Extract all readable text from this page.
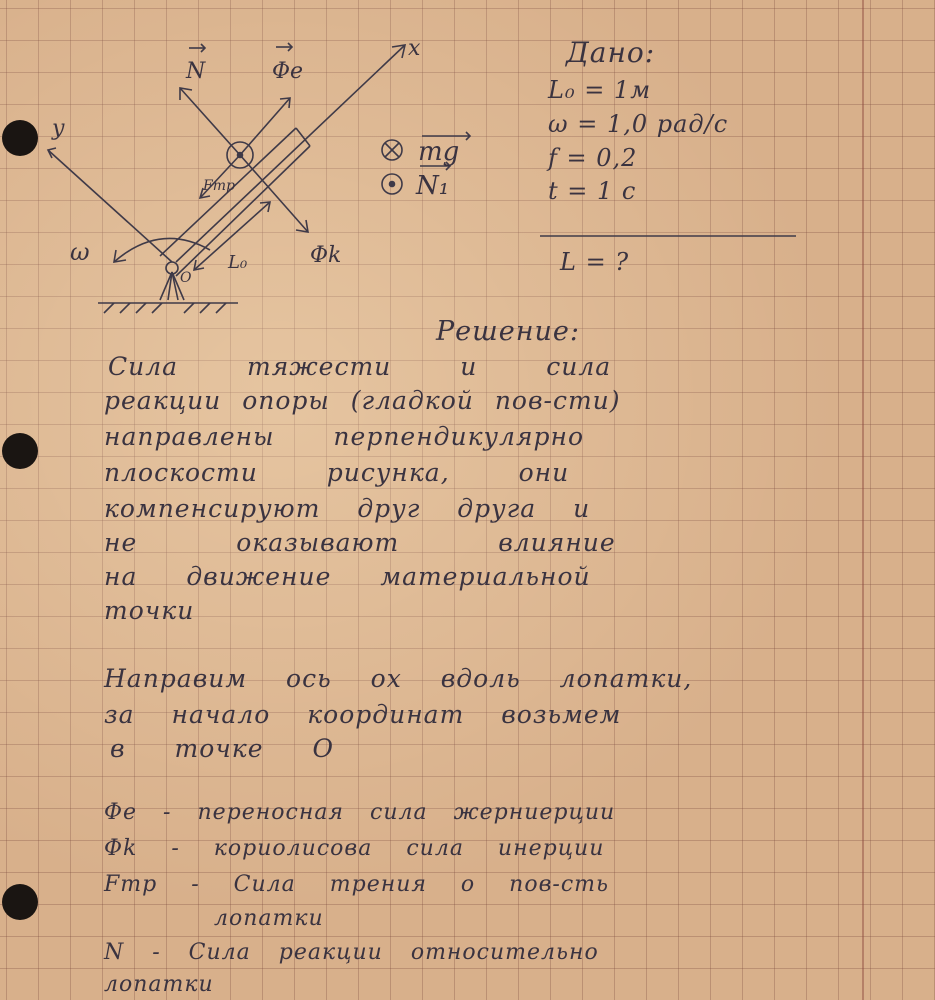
x
y
N	Φe
Φk
Fтр
ω
O
L₀
mg
N₁
Дано:
L₀ = 1м
ω = 1,0 рад/с
f = 0,2
t = 1 с
L = ?
Решение:
Сила тяжести и сила
реакции опоры (гладкой пов-сти)
направлены перпендикулярно
плоскости рисунка, они
компенсируют друг друга и
не оказывают влияние
на движение материальной
точки
Направим ось ox вдоль лопатки,
за начало координат возьмем
в точке O
Φe - переносная сила жерниерции
Φk - кориолисова сила инерции
Fтр - Сила трения о пов-сть
лопатки
N - Сила реакции относительно
лопатки
